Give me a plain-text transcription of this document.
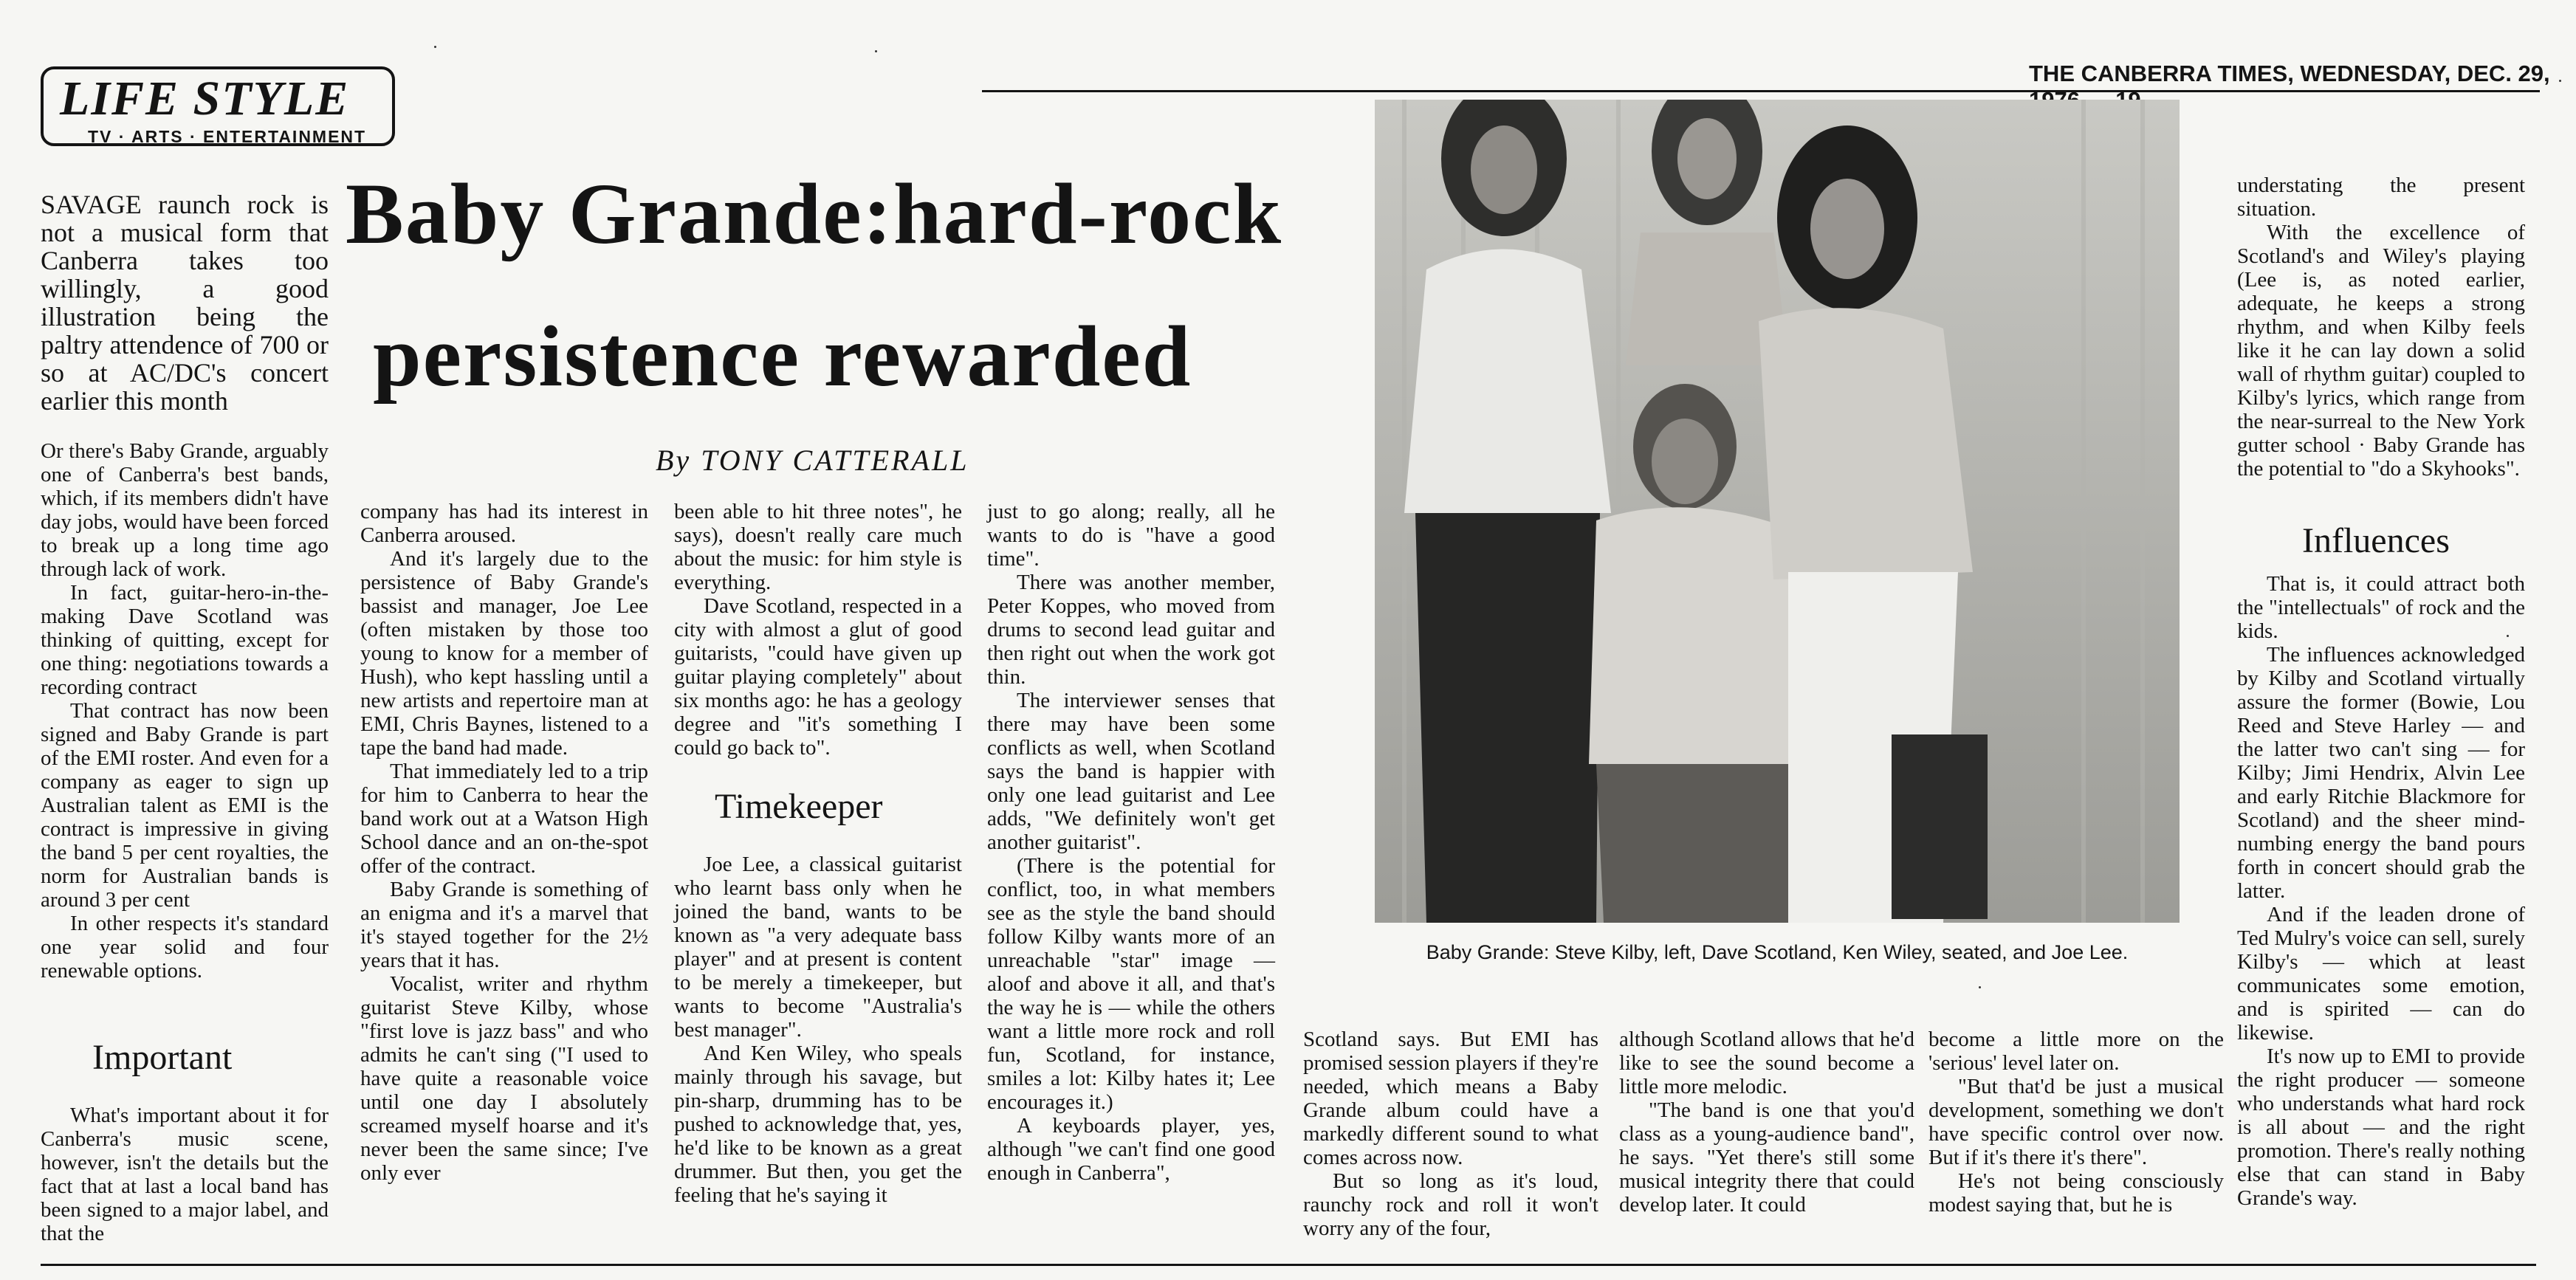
LIFE STYLE
TV · ARTS · ENTERTAINMENT
THE CANBERRA TIMES, WEDNESDAY, DEC. 29,
Baby Grande:hard-rock
persistence rewarded
By TONY CATTERALL

SAVAGE raunch rock is not a musical form that Canberra takes too willingly, a good illustration being the paltry attendence of 700 or so at AC/DC's concert earlier this month

Or there's Baby Grande, arguably one of Canberra's best bands, which, if its members didn't have day jobs, would have been forced to break up a long time ago through lack of work.

In fact, guitar-hero-in-the-making Dave Scotland was thinking of quitting, except for one thing: negotiations towards a recording contract

That contract has now been signed and Baby Grande is part of the EMI roster. And even for a company as eager to sign up Australian talent as EMI is the contract is impressive in giving the band 5 per cent royalties, the norm for Australian bands is around 3 per cent

In other respects it's standard one year solid and four renewable options.

Important

What's important about it for Canberra's music scene, however, isn't the details but the fact that at last a local band has been signed to a major label, and that the

company has had its interest in Canberra aroused.

And it's largely due to the persistence of Baby Grande's bassist and manager, Joe Lee (often mistaken by those too young to know for a member of Hush), who kept hassling until a new artists and repertoire man at EMI, Chris Baynes, listened to a tape the band had made.

That immediately led to a trip for him to Canberra to hear the band work out at a Watson High School dance and an on-the-spot offer of the contract.

Baby Grande is something of an enigma and it's a marvel that it's stayed together for the 2½ years that it has.

Vocalist, writer and rhythm guitarist Steve Kilby, whose "first love is jazz bass" and who admits he can't sing ("I used to have quite a reasonable voice until one day I absolutely screamed myself hoarse and it's never been the same since; I've only ever

been able to hit three notes", he says), doesn't really care much about the music: for him style is everything.

Dave Scotland, respected in a city with almost a glut of good guitarists, "could have given up guitar playing completely" about six months ago: he has a geology degree and "it's something I could go back to".

Timekeeper

Joe Lee, a classical guitarist who learnt bass only when he joined the band, wants to be known as "a very adequate bass player" and at present is content to be merely a timekeeper, but wants to become "Australia's best manager".

And Ken Wiley, who speals mainly through his savage, but pin-sharp, drumming has to be pushed to acknowledge that, yes, he'd like to be known as a great drummer. But then, you get the feeling that he's saying it

just to go along; really, all he wants to do is "have a good time".

There was another member, Peter Koppes, who moved from drums to second lead guitar and then right out when the work got thin.

The interviewer senses that there may have been some conflicts as well, when Scotland says the band is happier with only one lead guitarist and Lee adds, "We definitely won't get another guitarist".

(There is the potential for conflict, too, in what members see as the style the band should follow Kilby wants more of an unreachable "star" image — aloof and above it all, and that's the way he is — while the others want a little more rock and roll fun, Scotland, for instance, smiles a lot: Kilby hates it; Lee encourages it.)

A keyboards player, yes, although "we can't find one good enough in Canberra",

Baby Grande: Steve Kilby, left, Dave Scotland, Ken Wiley, seated, and Joe Lee.

Scotland says. But EMI has promised session players if they're needed, which means a Baby Grande album could have a markedly different sound to what comes across now.

But so long as it's loud, raunchy rock and roll it won't worry any of the four,

although Scotland allows that he'd like to see the sound become a little more melodic.

"The band is one that you'd class as a young-audience band", he says. "Yet there's still some musical integrity there that could develop later. It could

become a little more on the 'serious' level later on.

"But that'd be just a musical development, something we don't have specific control over now. But if it's there it's there".

He's not being consciously modest saying that, but he is

understating the present situation.

With the excellence of Scotland's and Wiley's playing (Lee is, as noted earlier, adequate, he keeps a strong rhythm, and when Kilby feels like it he can lay down a solid wall of rhythm guitar) coupled to Kilby's lyrics, which range from the near-surreal to the New York gutter school · Baby Grande has the potential to "do a Skyhooks".

Influences

That is, it could attract both the "intellectuals" of rock and the kids.

The influences acknowledged by Kilby and Scotland virtually assure the former (Bowie, Lou Reed and Steve Harley — and the latter two can't sing — for Kilby; Jimi Hendrix, Alvin Lee and early Ritchie Blackmore for Scotland) and the sheer mind-numbing energy the band pours forth in concert should grab the latter.

And if the leaden drone of Ted Mulry's voice can sell, surely Kilby's — which at least communicates some emotion, and is spirited — can do likewise.

It's now up to EMI to provide the right producer — someone who understands what hard rock is all about — and the right promotion. There's really nothing else that can stand in Baby Grande's way.
